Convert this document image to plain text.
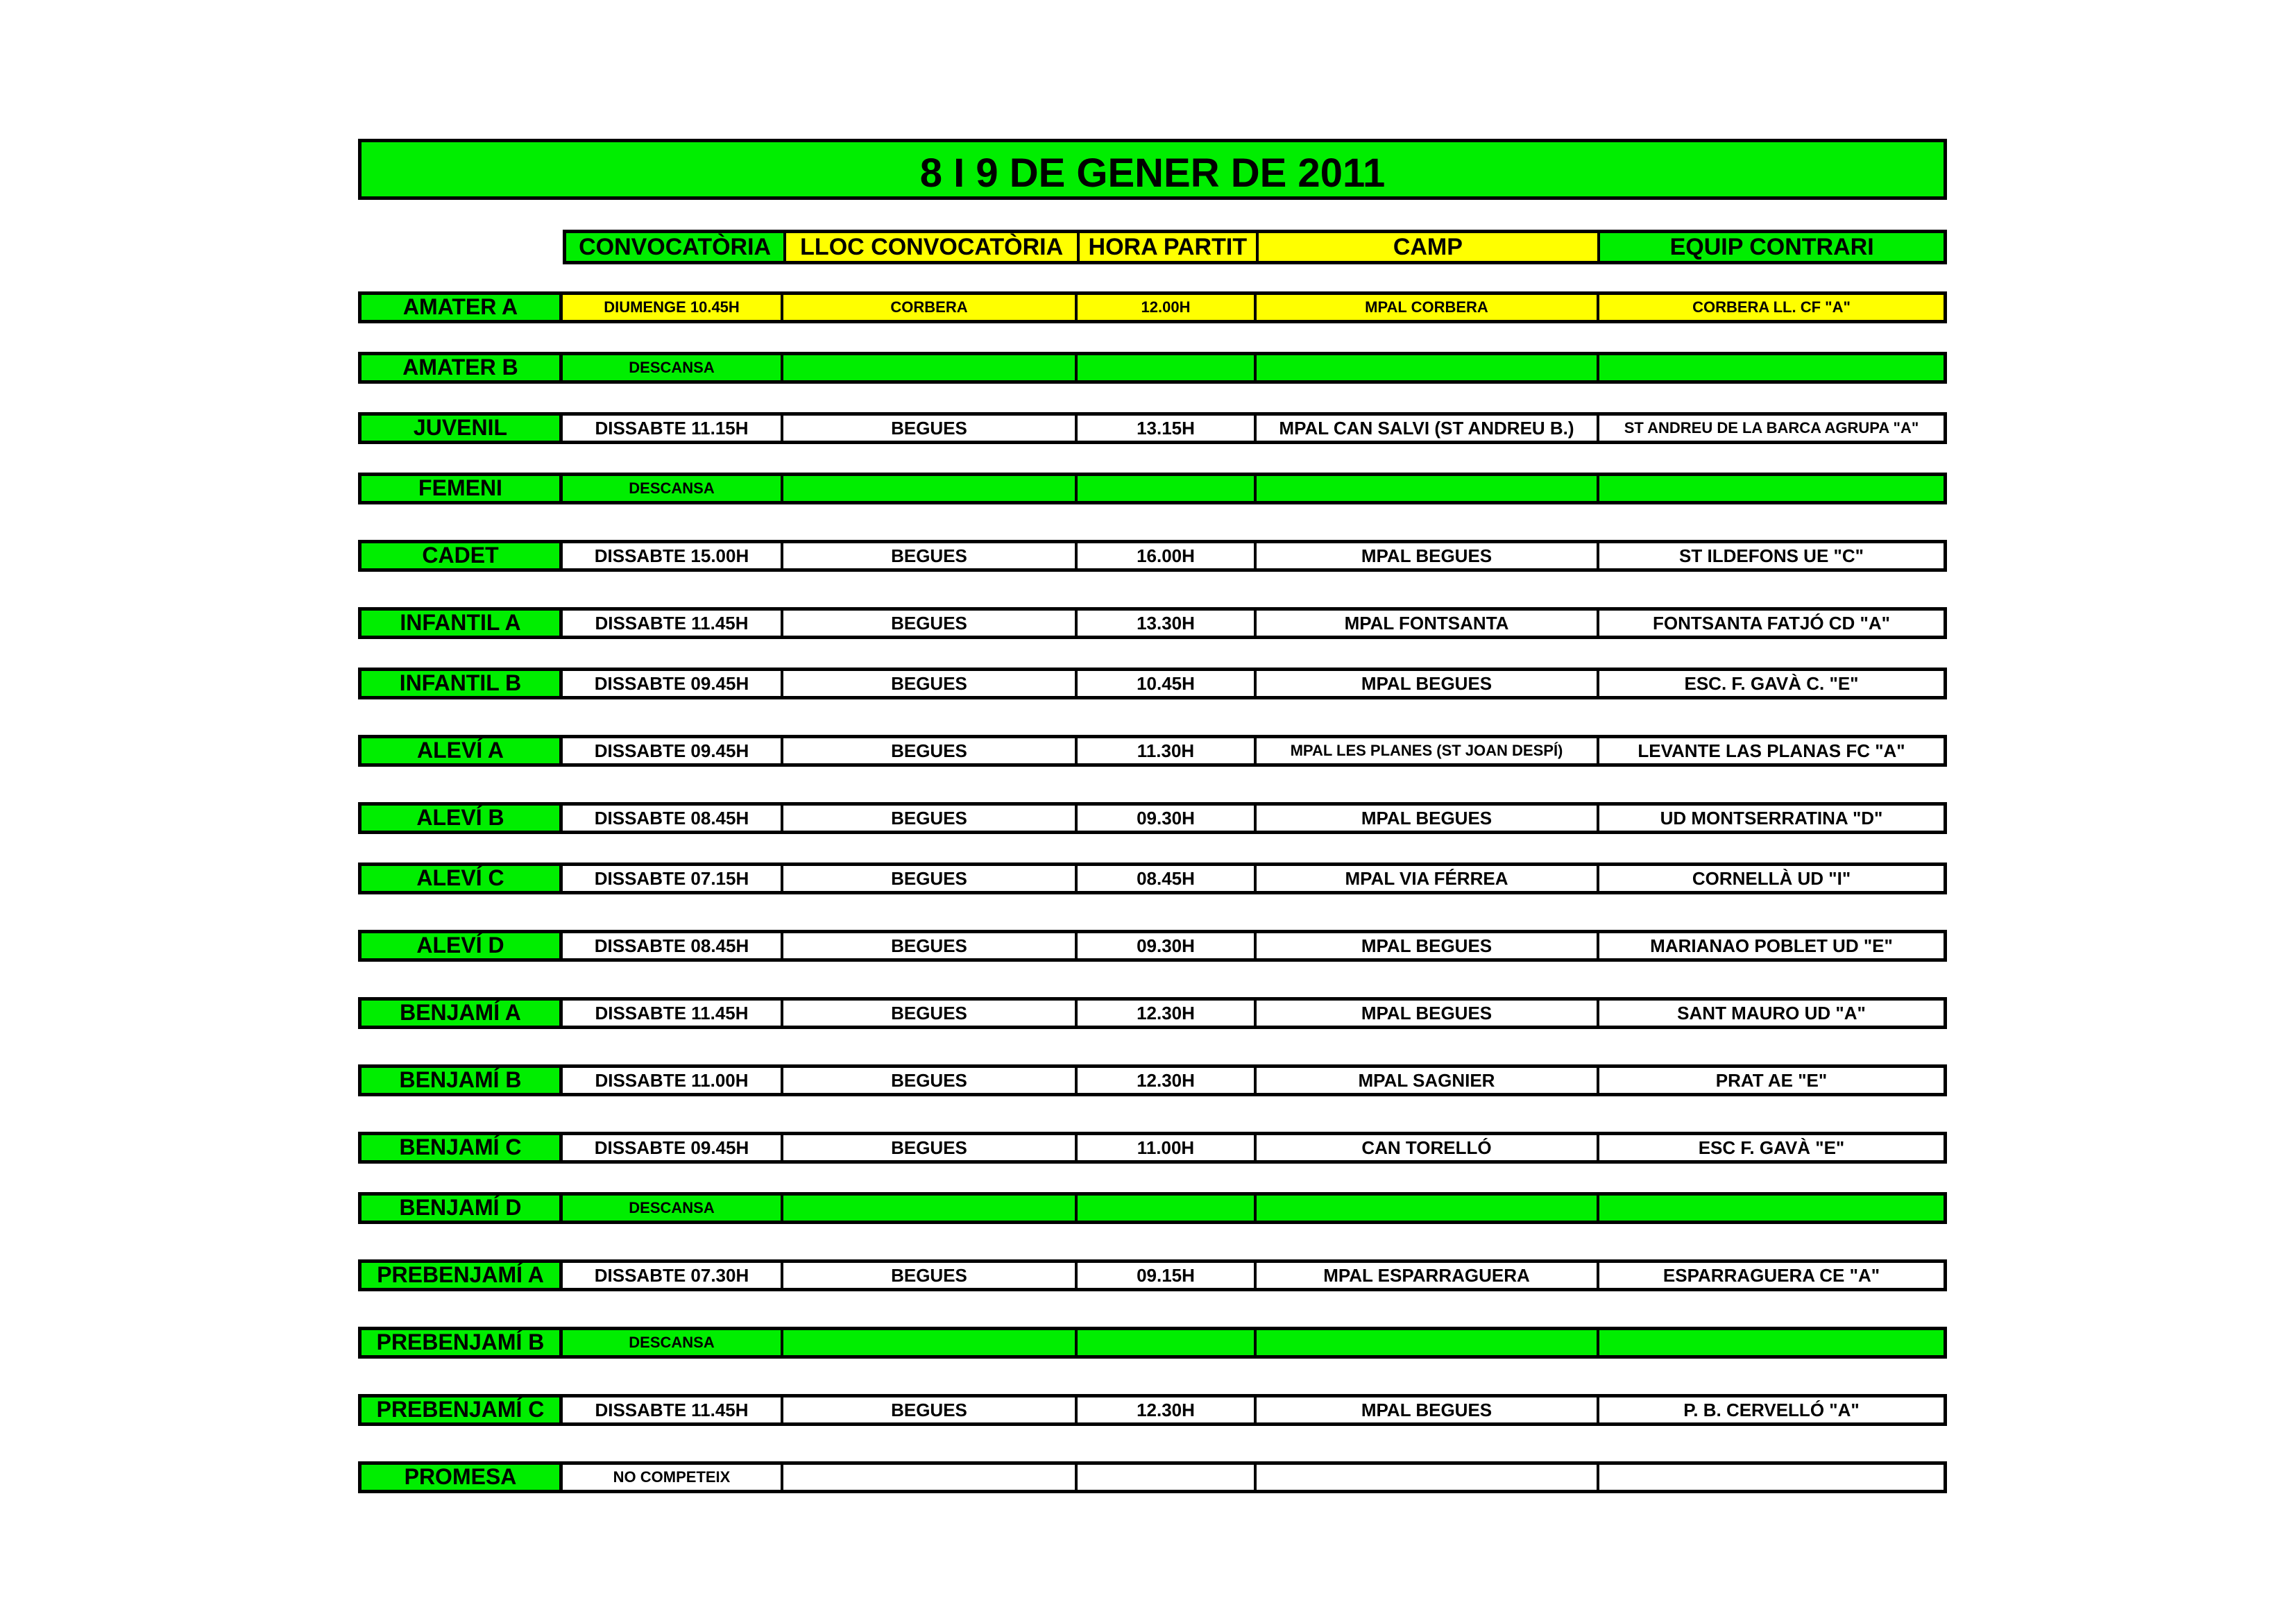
8 I 9 DE GENER DE 2011
CONVOCATÒRIA	LLOC CONVOCATÒRIA	HORA PARTIT	CAMP	EQUIP CONTRARI
AMATER A	DIUMENGE 10.45H	CORBERA	12.00H	MPAL CORBERA	CORBERA LL. CF "A"
AMATER B	DESCANSA
JUVENIL	DISSABTE 11.15H	BEGUES	13.15H	MPAL CAN SALVI (ST ANDREU B.)	ST ANDREU DE LA BARCA AGRUPA "A"
FEMENI	DESCANSA
CADET	DISSABTE 15.00H	BEGUES	16.00H	MPAL BEGUES	ST ILDEFONS UE "C"
INFANTIL A	DISSABTE 11.45H	BEGUES	13.30H	MPAL FONTSANTA	FONTSANTA FATJÓ CD "A"
INFANTIL B	DISSABTE 09.45H	BEGUES	10.45H	MPAL BEGUES	ESC. F. GAVÀ C. "E"
ALEVÍ A	DISSABTE 09.45H	BEGUES	11.30H	MPAL LES PLANES (ST JOAN DESPÍ)	LEVANTE LAS PLANAS FC "A"
ALEVÍ B	DISSABTE 08.45H	BEGUES	09.30H	MPAL BEGUES	UD MONTSERRATINA "D"
ALEVÍ C	DISSABTE 07.15H	BEGUES	08.45H	MPAL VIA FÉRREA	CORNELLÀ UD "I"
ALEVÍ D	DISSABTE 08.45H	BEGUES	09.30H	MPAL BEGUES	MARIANAO POBLET UD "E"
BENJAMÍ A	DISSABTE 11.45H	BEGUES	12.30H	MPAL BEGUES	SANT MAURO UD "A"
BENJAMÍ B	DISSABTE 11.00H	BEGUES	12.30H	MPAL SAGNIER	PRAT AE "E"
BENJAMÍ C	DISSABTE 09.45H	BEGUES	11.00H	CAN TORELLÓ	ESC F. GAVÀ "E"
BENJAMÍ D	DESCANSA
PREBENJAMÍ A	DISSABTE 07.30H	BEGUES	09.15H	MPAL ESPARRAGUERA	ESPARRAGUERA CE "A"
PREBENJAMÍ B	DESCANSA
PREBENJAMÍ C	DISSABTE 11.45H	BEGUES	12.30H	MPAL BEGUES	P. B. CERVELLÓ "A"
PROMESA	NO COMPETEIX
